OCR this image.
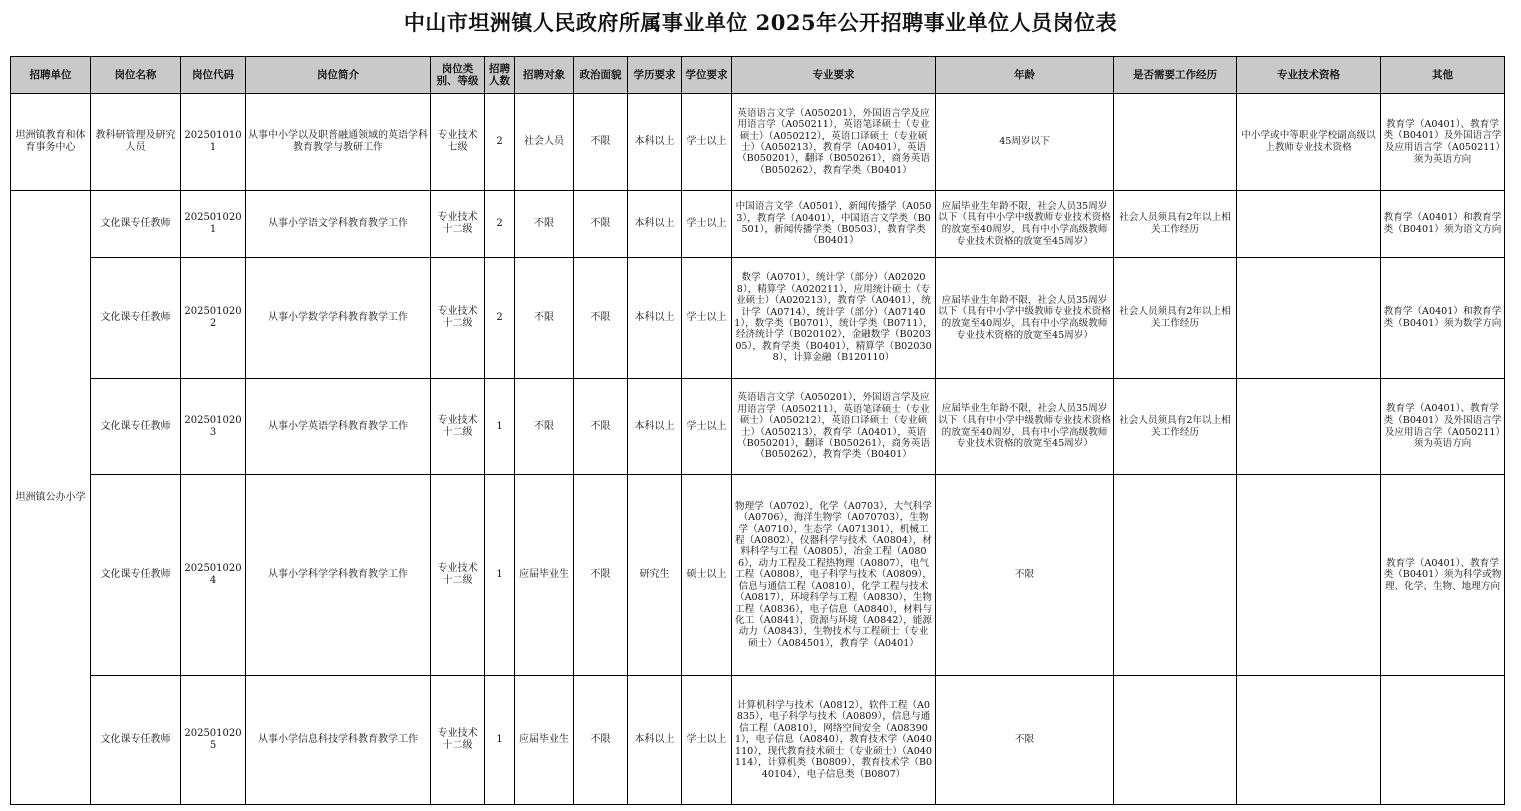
中山市坦洲镇人民政府所属事业单位 2025年公开招聘事业单位人员岗位表
招聘单位	岗位名称	岗位代码	岗位简介	岗位类别、等级	招聘人数	招聘对象	政治面貌	学历要求	学位要求	专业要求	年龄	是否需要工作经历	专业技术资格	其他
坦洲镇教育和体育事务中心	教科研管理及研究人员	2025010101	从事中小学以及职普融通领域的英语学科教育教学与教研工作	专业技术七级	2	社会人员	不限	本科以上	学士以上	英语语言文学（A050201），外国语言学及应用语言学（A050211），英语笔译硕士（专业硕士）（A050212），英语口译硕士（专业硕士）（A050213），教育学（A0401），英语（B050201），翻译（B050261），商务英语（B050262），教育学类（B0401）	45周岁以下		中小学或中等职业学校副高级以上教师专业技术资格	教育学（A0401）、教育学类（B0401）及外国语言学及应用语言学（A050211）须为英语方向
坦洲镇公办小学	文化课专任教师	2025010201	从事小学语文学科教育教学工作	专业技术十二级	2	不限	不限	本科以上	学士以上	中国语言文学（A0501），新闻传播学（A0503），教育学（A0401），中国语言文学类（B0501），新闻传播学类（B0503），教育学类（B0401）	应届毕业生年龄不限，社会人员35周岁以下（具有中小学中级教师专业技术资格的放宽至40周岁，具有中小学高级教师专业技术资格的放宽至45周岁）	社会人员须具有2年以上相关工作经历		教育学（A0401）和教育学类（B0401）须为语文方向
	文化课专任教师	2025010202	从事小学数学学科教育教学工作	专业技术十二级	2	不限	不限	本科以上	学士以上	数学（A0701），统计学（部分）（A020208），精算学（A020211），应用统计硕士（专业硕士）（A020213），教育学（A0401），统计学（A0714），统计学（部分）（A071401），数学类（B0701），统计学类（B0711），经济统计学（B020102），金融数学（B020305），教育学类（B0401），精算学（B020308），计算金融（B120110）	应届毕业生年龄不限，社会人员35周岁以下（具有中小学中级教师专业技术资格的放宽至40周岁，具有中小学高级教师专业技术资格的放宽至45周岁）	社会人员须具有2年以上相关工作经历		教育学（A0401）和教育学类（B0401）须为数学方向
	文化课专任教师	2025010203	从事小学英语学科教育教学工作	专业技术十二级	1	不限	不限	本科以上	学士以上	英语语言文学（A050201），外国语言学及应用语言学（A050211），英语笔译硕士（专业硕士）（A050212），英语口译硕士（专业硕士）（A050213），教育学（A0401），英语（B050201），翻译（B050261），商务英语（B050262），教育学类（B0401）	应届毕业生年龄不限，社会人员35周岁以下（具有中小学中级教师专业技术资格的放宽至40周岁，具有中小学高级教师专业技术资格的放宽至45周岁）	社会人员须具有2年以上相关工作经历		教育学（A0401）、教育学类（B0401）及外国语言学及应用语言学（A050211）须为英语方向
	文化课专任教师	2025010204	从事小学科学学科教育教学工作	专业技术十二级	1	应届毕业生	不限	研究生	硕士以上	物理学（A0702），化学（A0703），大气科学（A0706），海洋生物学（A070703），生物学（A0710），生态学（A071301），机械工程（A0802），仪器科学与技术（A0804），材料科学与工程（A0805），冶金工程（A0806），动力工程及工程热物理（A0807），电气工程（A0808），电子科学与技术（A0809），信息与通信工程（A0810），化学工程与技术（A0817），环境科学与工程（A0830），生物工程（A0836），电子信息（A0840），材料与化工（A0841），资源与环境（A0842），能源动力（A0843），生物技术与工程硕士（专业硕士）（A084501），教育学（A0401）	不限			教育学（A0401）、教育学类（B0401）须为科学或物理、化学、生物、地理方向
	文化课专任教师	2025010205	从事小学信息科技学科教育教学工作	专业技术十二级	1	应届毕业生	不限	本科以上	学士以上	计算机科学与技术（A0812），软件工程（A0835），电子科学与技术（A0809），信息与通信工程（A0810），网络空间安全（A083901），电子信息（A0840），教育技术学（A040110），现代教育技术硕士（专业硕士）（A040114），计算机类（B0809），教育技术学（B040104），电子信息类（B0807）	不限			
